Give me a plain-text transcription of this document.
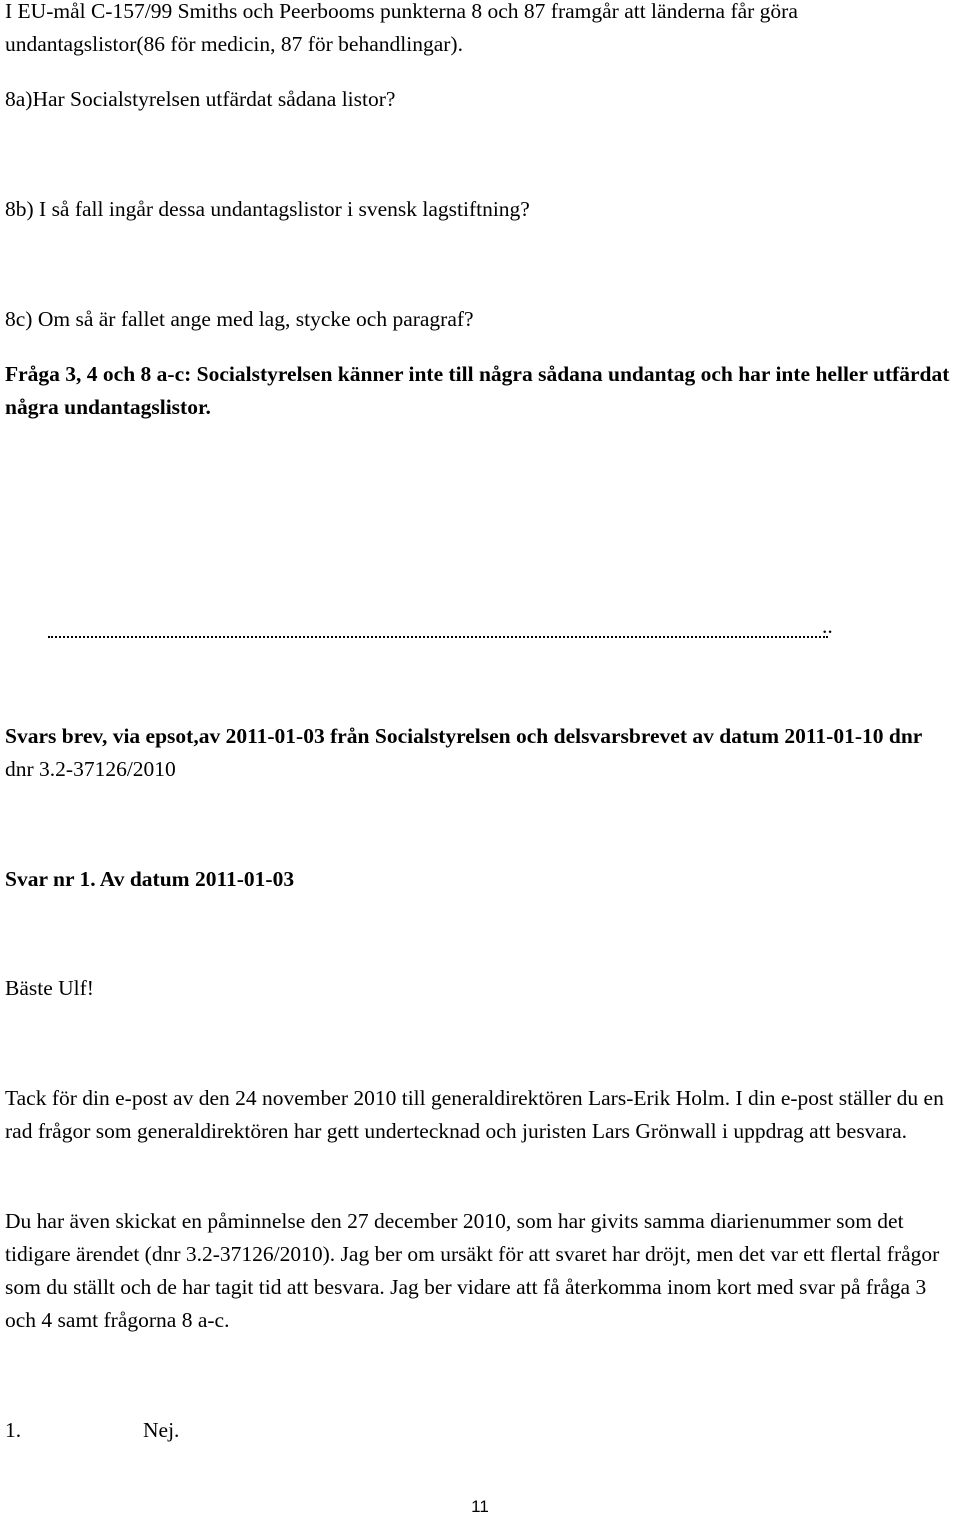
I EU-mål C-157/99 Smiths och Peerbooms punkterna 8 och 87 framgår att länderna får göra

undantagslistor(86 för medicin, 87 för behandlingar).

8a)Har Socialstyrelsen utfärdat sådana listor?

8b) I så fall ingår dessa undantagslistor i svensk lagstiftning?

8c) Om så är fallet ange med lag, stycke och paragraf?

Fråga 3, 4 och 8 a-c: Socialstyrelsen känner inte till några sådana undantag och har inte heller utfärdat några undantagslistor.

..

Svars brev, via epsot,av 2011-01-03 från Socialstyrelsen och delsvarsbrevet av datum 2011-01-10 dnr dnr 3.2-37126/2010

Svar nr 1. Av datum 2011-01-03

Bäste Ulf!

Tack för din e-post av den 24 november 2010 till generaldirektören Lars-Erik Holm. I din e-post ställer du en rad frågor som generaldirektören har gett undertecknad och juristen Lars Grönwall i uppdrag att besvara.

Du har även skickat en påminnelse den 27 december 2010, som har givits samma diarienummer som det tidigare ärendet (dnr 3.2-37126/2010). Jag ber om ursäkt för att svaret har dröjt, men det var ett flertal frågor som du ställt och de har tagit tid att besvara. Jag ber vidare att få återkomma inom kort med svar på fråga 3 och 4 samt frågorna 8 a-c.

1.	Nej.
11
